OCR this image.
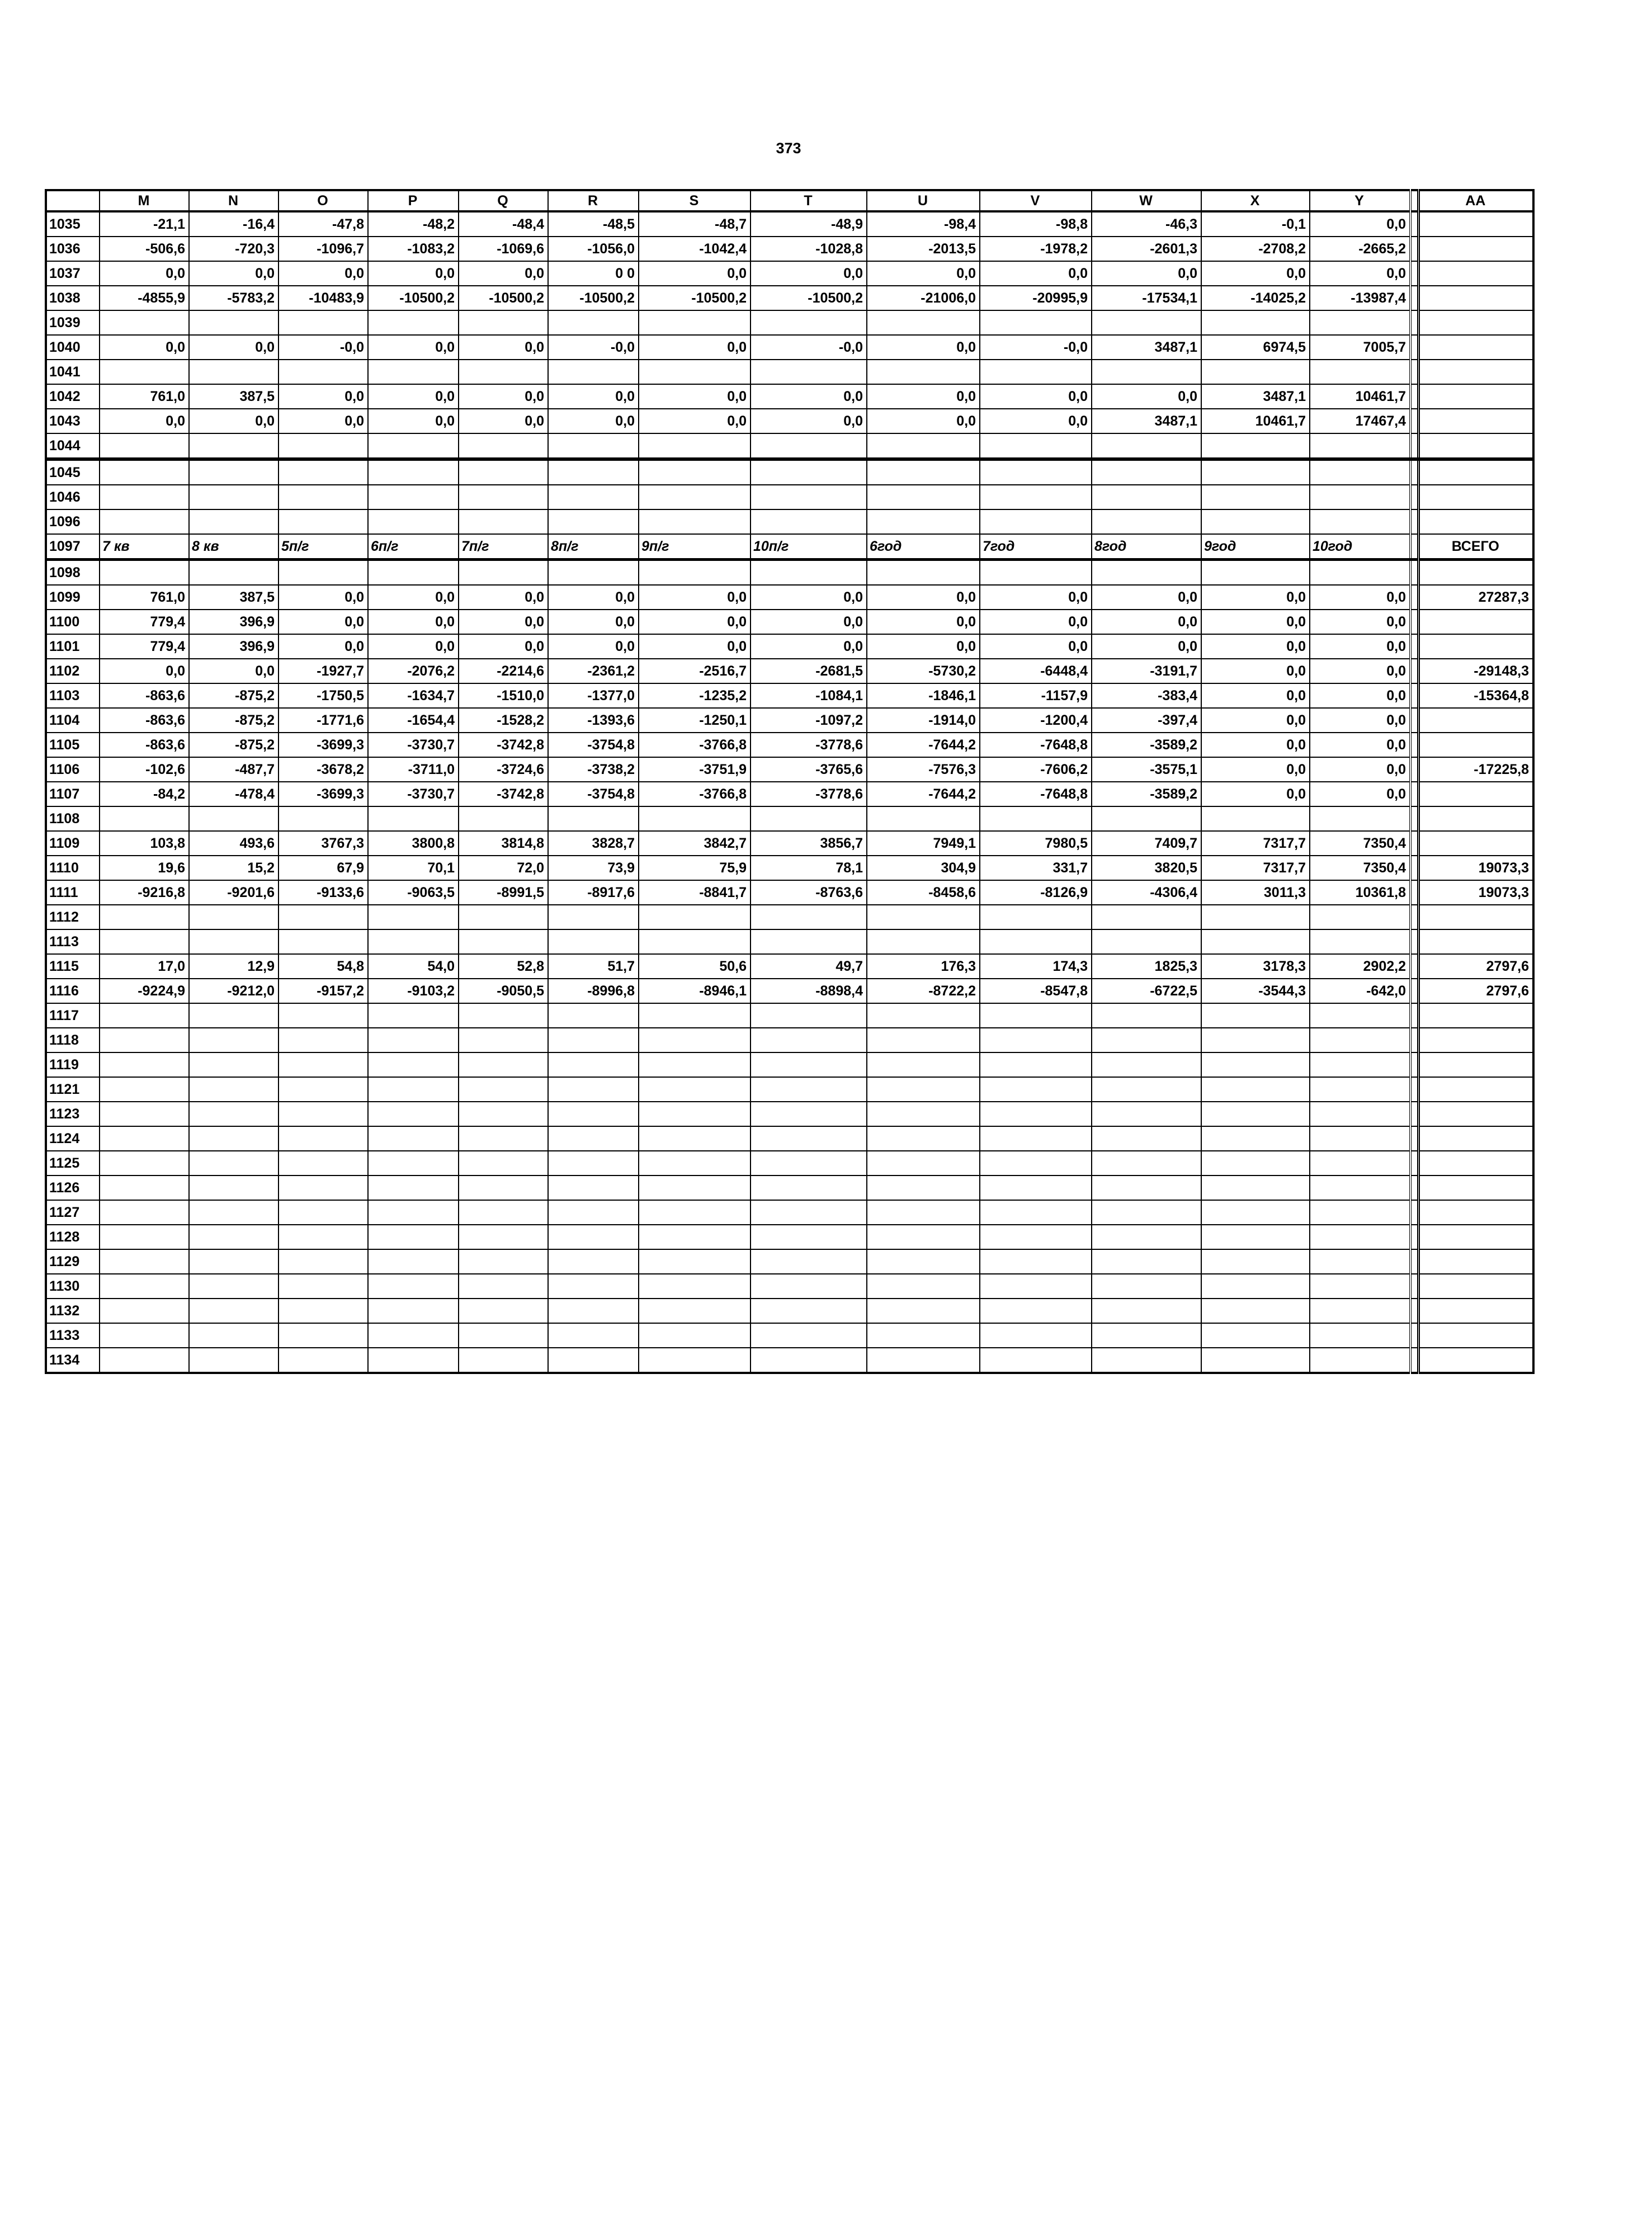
373
	M	N	O	P	Q	R	S	T	U	V	W	X	Y		AA
1035	-21,1	-16,4	-47,8	-48,2	-48,4	-48,5	-48,7	-48,9	-98,4	-98,8	-46,3	-0,1	0,0		
1036	-506,6	-720,3	-1096,7	-1083,2	-1069,6	-1056,0	-1042,4	-1028,8	-2013,5	-1978,2	-2601,3	-2708,2	-2665,2		
1037	0,0	0,0	0,0	0,0	0,0	0 0	0,0	0,0	0,0	0,0	0,0	0,0	0,0		
1038	-4855,9	-5783,2	-10483,9	-10500,2	-10500,2	-10500,2	-10500,2	-10500,2	-21006,0	-20995,9	-17534,1	-14025,2	-13987,4		
1039															
1040	0,0	0,0	-0,0	0,0	0,0	-0,0	0,0	-0,0	0,0	-0,0	3487,1	6974,5	7005,7		
1041															
1042	761,0	387,5	0,0	0,0	0,0	0,0	0,0	0,0	0,0	0,0	0,0	3487,1	10461,7		
1043	0,0	0,0	0,0	0,0	0,0	0,0	0,0	0,0	0,0	0,0	3487,1	10461,7	17467,4		
1044															
1045															
1046															
1096															
1097	7 кв	8 кв	5п/г	6п/г	7п/г	8п/г	9п/г	10п/г	6год	7год	8год	9год	10год		ВСЕГО
1098															
1099	761,0	387,5	0,0	0,0	0,0	0,0	0,0	0,0	0,0	0,0	0,0	0,0	0,0		27287,3
1100	779,4	396,9	0,0	0,0	0,0	0,0	0,0	0,0	0,0	0,0	0,0	0,0	0,0		
1101	779,4	396,9	0,0	0,0	0,0	0,0	0,0	0,0	0,0	0,0	0,0	0,0	0,0		
1102	0,0	0,0	-1927,7	-2076,2	-2214,6	-2361,2	-2516,7	-2681,5	-5730,2	-6448,4	-3191,7	0,0	0,0		-29148,3
1103	-863,6	-875,2	-1750,5	-1634,7	-1510,0	-1377,0	-1235,2	-1084,1	-1846,1	-1157,9	-383,4	0,0	0,0		-15364,8
1104	-863,6	-875,2	-1771,6	-1654,4	-1528,2	-1393,6	-1250,1	-1097,2	-1914,0	-1200,4	-397,4	0,0	0,0		
1105	-863,6	-875,2	-3699,3	-3730,7	-3742,8	-3754,8	-3766,8	-3778,6	-7644,2	-7648,8	-3589,2	0,0	0,0		
1106	-102,6	-487,7	-3678,2	-3711,0	-3724,6	-3738,2	-3751,9	-3765,6	-7576,3	-7606,2	-3575,1	0,0	0,0		-17225,8
1107	-84,2	-478,4	-3699,3	-3730,7	-3742,8	-3754,8	-3766,8	-3778,6	-7644,2	-7648,8	-3589,2	0,0	0,0		
1108															
1109	103,8	493,6	3767,3	3800,8	3814,8	3828,7	3842,7	3856,7	7949,1	7980,5	7409,7	7317,7	7350,4		
1110	19,6	15,2	67,9	70,1	72,0	73,9	75,9	78,1	304,9	331,7	3820,5	7317,7	7350,4		19073,3
1111	-9216,8	-9201,6	-9133,6	-9063,5	-8991,5	-8917,6	-8841,7	-8763,6	-8458,6	-8126,9	-4306,4	3011,3	10361,8		19073,3
1112															
1113															
1115	17,0	12,9	54,8	54,0	52,8	51,7	50,6	49,7	176,3	174,3	1825,3	3178,3	2902,2		2797,6
1116	-9224,9	-9212,0	-9157,2	-9103,2	-9050,5	-8996,8	-8946,1	-8898,4	-8722,2	-8547,8	-6722,5	-3544,3	-642,0		2797,6
1117															
1118															
1119															
1121															
1123															
1124															
1125															
1126															
1127															
1128															
1129															
1130															
1132															
1133															
1134															
